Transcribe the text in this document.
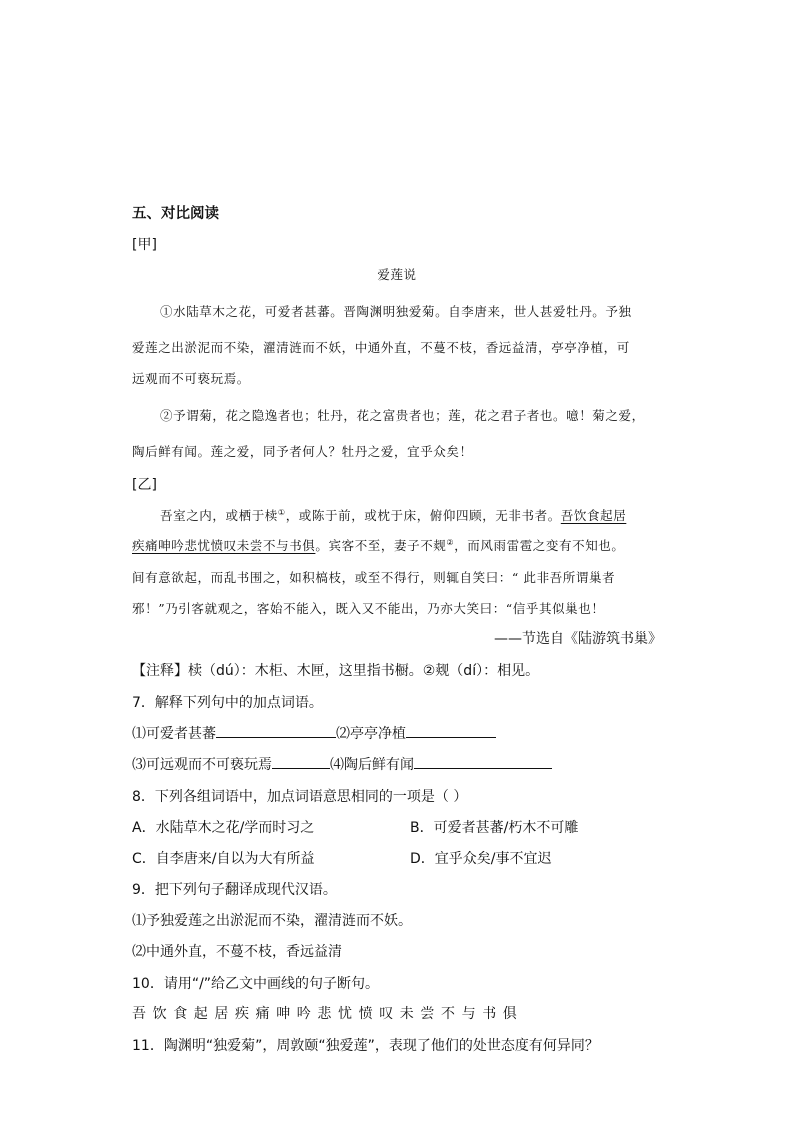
五、对比阅读
[甲]
爱莲说
①水陆草木之花，可爱者甚蕃。晋陶渊明独爱菊。自李唐来，世人甚爱牡丹。予独
爱莲之出淤泥而不染，濯清涟而不妖，中通外直，不蔓不枝，香远益清，亭亭净植，可
远观而不可亵玩焉。
②予谓菊，花之隐逸者也；牡丹，花之富贵者也；莲，花之君子者也。噫！菊之爱，
陶后鲜有闻。莲之爱，同予者何人？牡丹之爱，宜乎众矣！
[乙]
吾室之内，或栖于椟①，或陈于前，或枕于床，俯仰四顾，无非书者。吾饮食起居
疾痛呻吟悲忧愤叹未尝不与书俱。宾客不至，妻子不觌②，而风雨雷雹之变有不知也。
间有意欲起，而乱书围之，如积槁枝，或至不得行，则辄自笑曰：“ 此非吾所谓巢者
邪！”乃引客就观之，客始不能入，既入又不能出，乃亦大笑曰：“信乎其似巢也！
——节选自《陆游筑书巢》
【注释】椟（dú）：木柜、木匣，这里指书橱。②觌（dí）：相见。
7．解释下列句中的加点词语。
⑴可爱者甚蕃	⑵亭亭净植
⑶可远观而不可亵玩焉	⑷陶后鲜有闻
8．下列各组词语中，加点词语意思相同的一项是（ ）
A．水陆草木之花/学而时习之	B．可爱者甚蕃/朽木不可雕
C．自李唐来/自以为大有所益	D．宜乎众矣/事不宜迟
9．把下列句子翻译成现代汉语。
⑴予独爱莲之出淤泥而不染，濯清涟而不妖。
⑵中通外直，不蔓不枝，香远益清
10．请用“/”给乙文中画线的句子断句。
吾饮食起居疾痛呻吟悲忧愤叹未尝不与书俱
11．陶渊明“独爱菊”，周敦颐“独爱莲”，表现了他们的处世态度有何异同？
